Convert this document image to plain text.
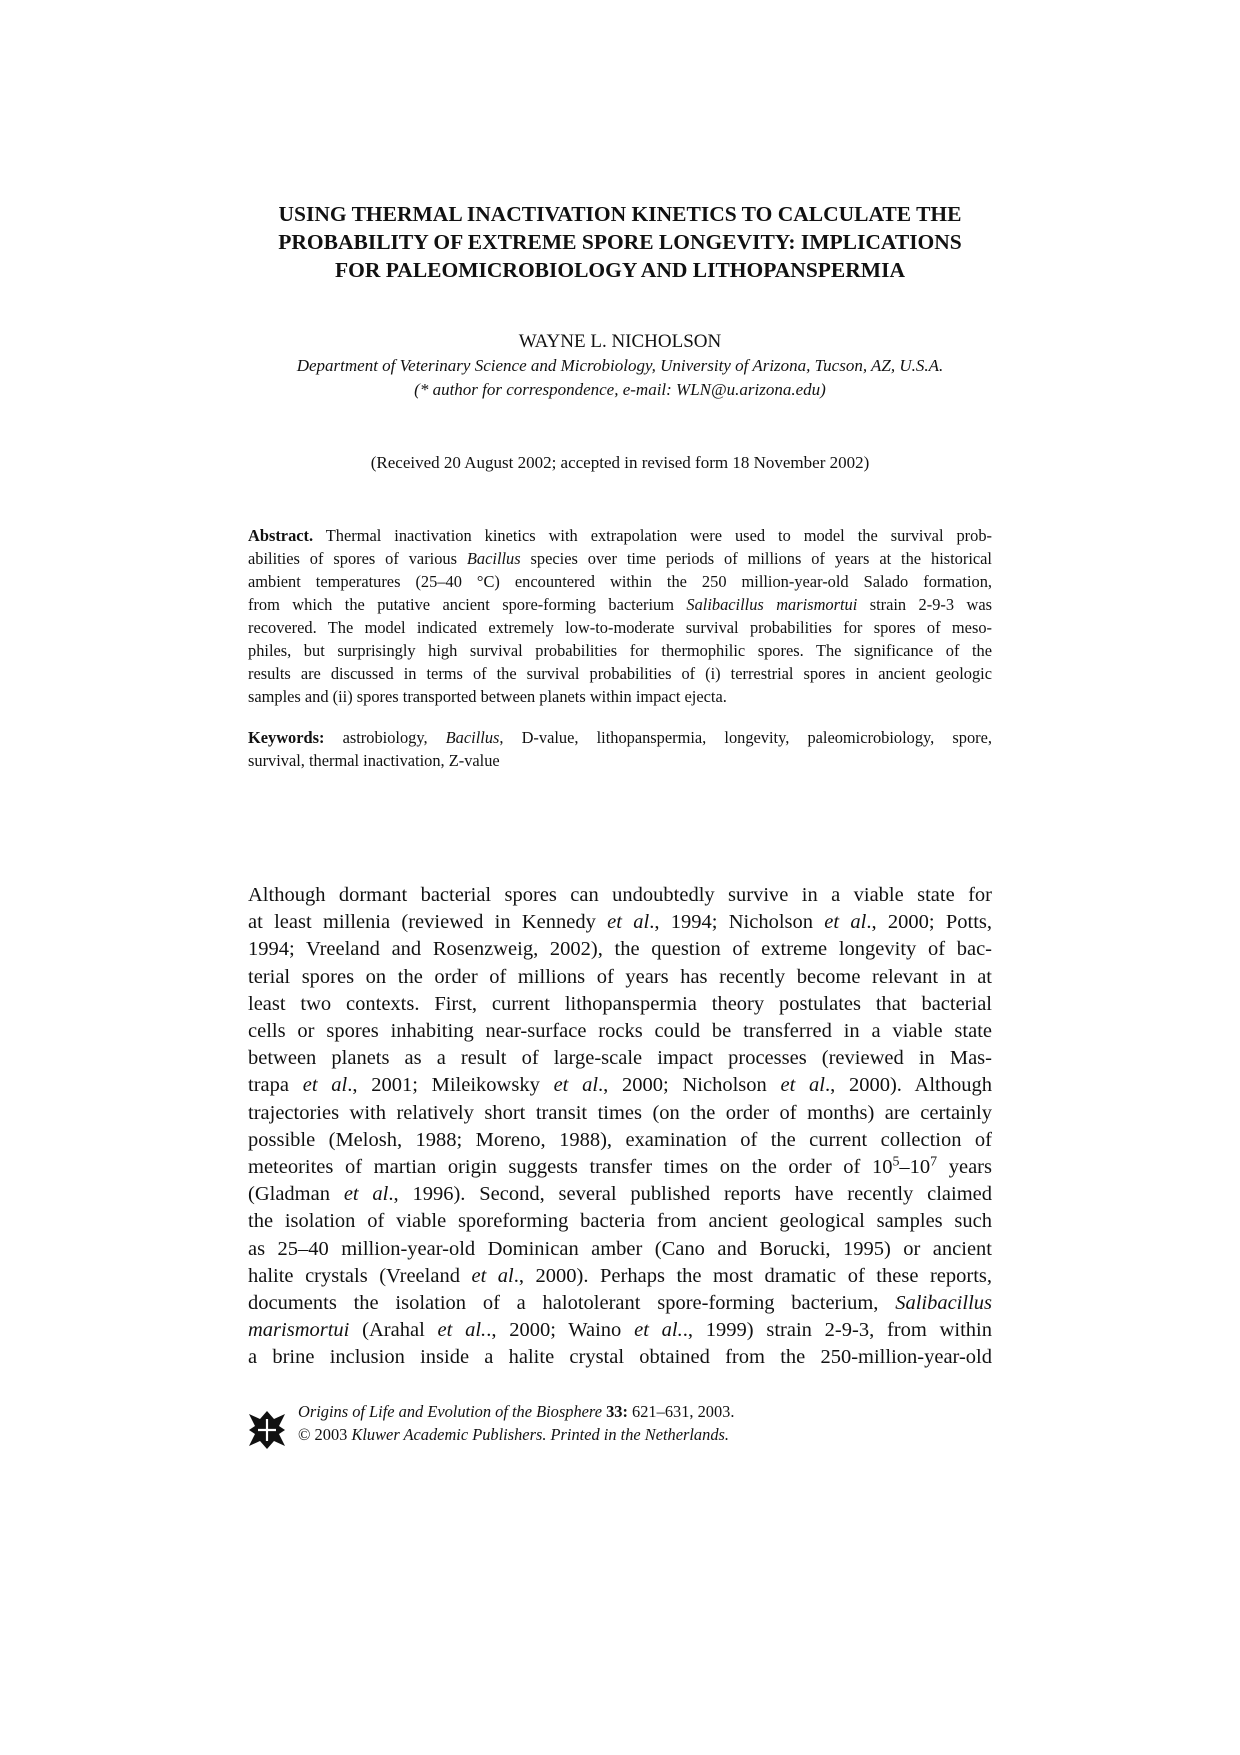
USING THERMAL INACTIVATION KINETICS TO CALCULATE THE
PROBABILITY OF EXTREME SPORE LONGEVITY: IMPLICATIONS
FOR PALEOMICROBIOLOGY AND LITHOPANSPERMIA
WAYNE L. NICHOLSON
Department of Veterinary Science and Microbiology, University of Arizona, Tucson, AZ, U.S.A.
(* author for correspondence, e-mail: WLN@u.arizona.edu)
(Received 20 August 2002; accepted in revised form 18 November 2002)
Abstract. Thermal inactivation kinetics with extrapolation were used to model the survival prob-
abilities of spores of various Bacillus species over time periods of millions of years at the historical
ambient temperatures (25–40 °C) encountered within the 250 million-year-old Salado formation,
from which the putative ancient spore-forming bacterium Salibacillus marismortui strain 2-9-3 was
recovered. The model indicated extremely low-to-moderate survival probabilities for spores of meso-
philes, but surprisingly high survival probabilities for thermophilic spores. The significance of the
results are discussed in terms of the survival probabilities of (i) terrestrial spores in ancient geologic
samples and (ii) spores transported between planets within impact ejecta.
Keywords: astrobiology, Bacillus, D-value, lithopanspermia, longevity, paleomicrobiology, spore,
survival, thermal inactivation, Z-value
Although dormant bacterial spores can undoubtedly survive in a viable state for
at least millenia (reviewed in Kennedy et al., 1994; Nicholson et al., 2000; Potts,
1994; Vreeland and Rosenzweig, 2002), the question of extreme longevity of bac-
terial spores on the order of millions of years has recently become relevant in at
least two contexts. First, current lithopanspermia theory postulates that bacterial
cells or spores inhabiting near-surface rocks could be transferred in a viable state
between planets as a result of large-scale impact processes (reviewed in Mas-
trapa et al., 2001; Mileikowsky et al., 2000; Nicholson et al., 2000). Although
trajectories with relatively short transit times (on the order of months) are certainly
possible (Melosh, 1988; Moreno, 1988), examination of the current collection of
meteorites of martian origin suggests transfer times on the order of $10^5-10^7$ years
(Gladman et al., 1996). Second, several published reports have recently claimed
the isolation of viable sporeforming bacteria from ancient geological samples such
as 25–40 million-year-old Dominican amber (Cano and Borucki, 1995) or ancient
halite crystals (Vreeland et al., 2000). Perhaps the most dramatic of these reports,
documents the isolation of a halotolerant spore-forming bacterium, Salibacillus
marismortui (Arahal et al.., 2000; Waino et al.., 1999) strain 2-9-3, from within
a brine inclusion inside a halite crystal obtained from the 250-million-year-old
Origins of Life and Evolution of the Biosphere 33: 621–631, 2003.
© 2003 Kluwer Academic Publishers. Printed in the Netherlands.
